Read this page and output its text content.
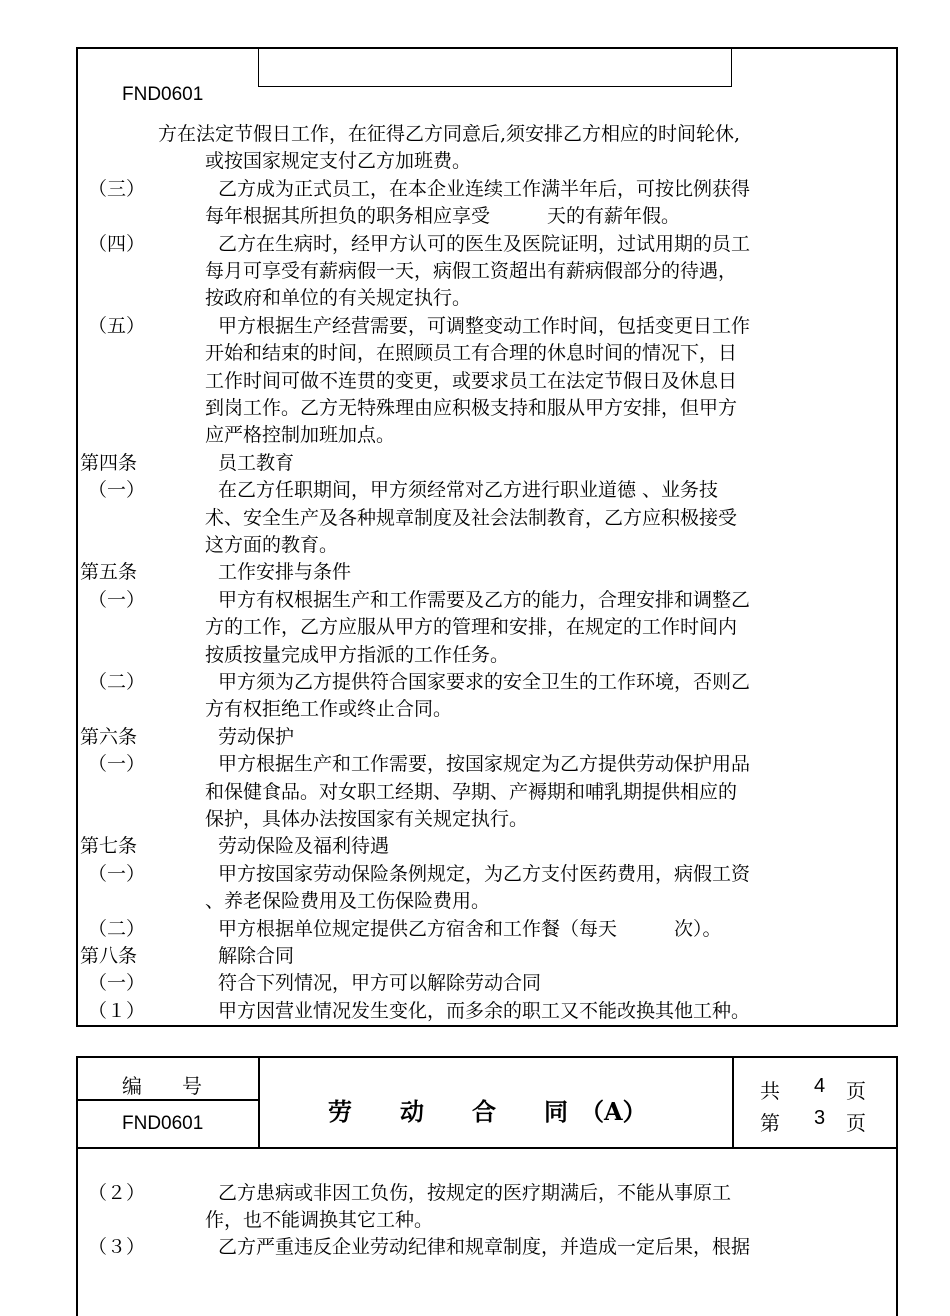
FND0601
方在法定节假日工作，在征得乙方同意后,须安排乙方相应的时间轮休,
或按国家规定支付乙方加班费。
（三）	乙方成为正式员工，在本企业连续工作满半年后，可按比例获得
每年根据其所担负的职务相应享受　　　天的有薪年假。
（四）	乙方在生病时，经甲方认可的医生及医院证明，过试用期的员工
每月可享受有薪病假一天，病假工资超出有薪病假部分的待遇，
按政府和单位的有关规定执行。
（五）	甲方根据生产经营需要，可调整变动工作时间，包括变更日工作
开始和结束的时间，在照顾员工有合理的休息时间的情况下，日
工作时间可做不连贯的变更，或要求员工在法定节假日及休息日
到岗工作。乙方无特殊理由应积极支持和服从甲方安排，但甲方
应严格控制加班加点。
第四条	员工教育
（一）	在乙方任职期间，甲方须经常对乙方进行职业道德 、业务技
术、安全生产及各种规章制度及社会法制教育，乙方应积极接受
这方面的教育。
第五条	工作安排与条件
（一）	甲方有权根据生产和工作需要及乙方的能力，合理安排和调整乙
方的工作，乙方应服从甲方的管理和安排，在规定的工作时间内
按质按量完成甲方指派的工作任务。
（二）	甲方须为乙方提供符合国家要求的安全卫生的工作环境，否则乙
方有权拒绝工作或终止合同。
第六条	劳动保护
（一）	甲方根据生产和工作需要，按国家规定为乙方提供劳动保护用品
和保健食品。对女职工经期、孕期、产褥期和哺乳期提供相应的
保护，具体办法按国家有关规定执行。
第七条	劳动保险及福利待遇
（一）	甲方按国家劳动保险条例规定，为乙方支付医药费用，病假工资
、养老保险费用及工伤保险费用。
（二）	甲方根据单位规定提供乙方宿舍和工作餐（每天　　　次）。
第八条	解除合同
（一）	符合下列情况，甲方可以解除劳动合同
（１）	甲方因营业情况发生变化，而多余的职工又不能改换其他工种。
编　　号
FND0601	劳　　动　　合　　同　（A）
共 4 页
第 3 页
（２）	乙方患病或非因工负伤，按规定的医疗期满后，不能从事原工
作，也不能调换其它工种。
（３）	乙方严重违反企业劳动纪律和规章制度，并造成一定后果，根据
